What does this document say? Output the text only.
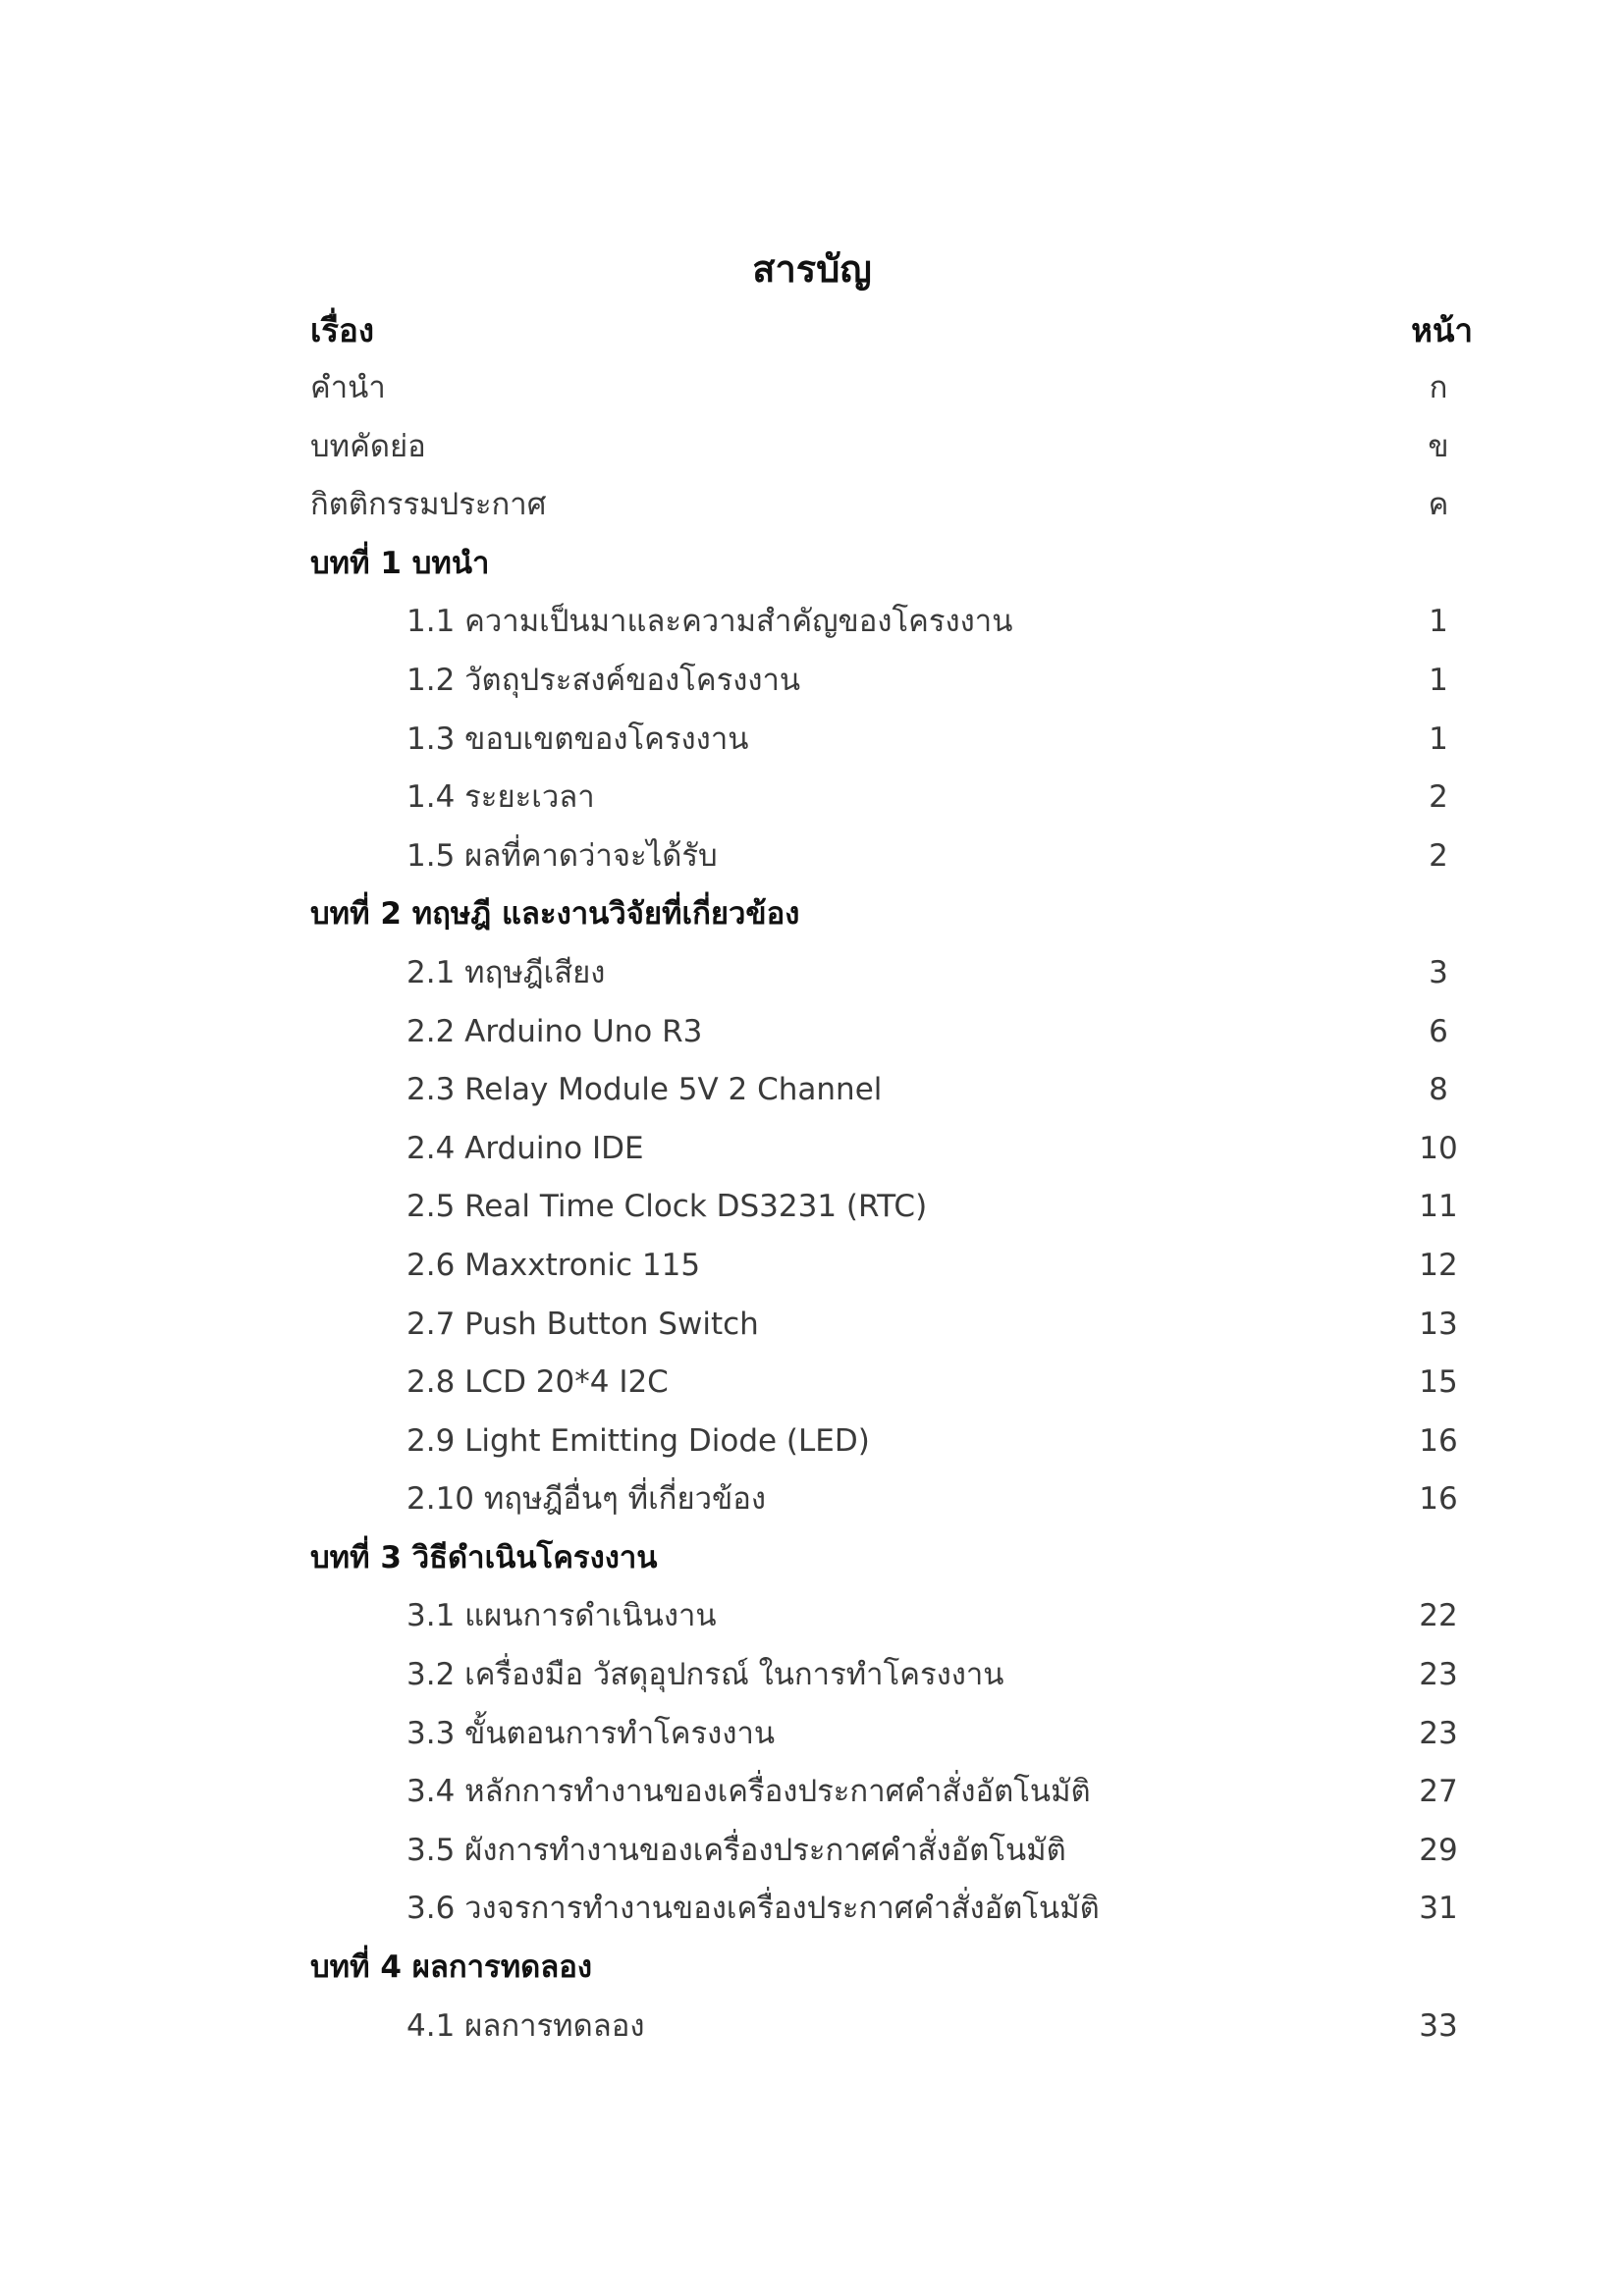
สารบัญ
เรื่อง	หน้า
คำนำ	ก
บทคัดย่อ	ข
กิตติกรรมประกาศ	ค
บทที่ 1 บทนำ
1.1 ความเป็นมาและความสำคัญของโครงงาน	1
1.2 วัตถุประสงค์ของโครงงาน	1
1.3 ขอบเขตของโครงงาน	1
1.4 ระยะเวลา	2
1.5 ผลที่คาดว่าจะได้รับ	2
บทที่ 2 ทฤษฎี และงานวิจัยที่เกี่ยวข้อง
2.1 ทฤษฎีเสียง	3
2.2 Arduino Uno R3	6
2.3 Relay Module 5V 2 Channel	8
2.4 Arduino IDE	10
2.5 Real Time Clock DS3231 (RTC)	11
2.6 Maxxtronic 115	12
2.7 Push Button Switch	13
2.8 LCD 20*4 I2C	15
2.9 Light Emitting Diode (LED)	16
2.10 ทฤษฎีอื่นๆ ที่เกี่ยวข้อง	16
บทที่ 3 วิธีดำเนินโครงงาน
3.1 แผนการดำเนินงาน	22
3.2 เครื่องมือ วัสดุอุปกรณ์ ในการทำโครงงาน	23
3.3 ขั้นตอนการทำโครงงาน	23
3.4 หลักการทำงานของเครื่องประกาศคำสั่งอัตโนมัติ	27
3.5 ผังการทำงานของเครื่องประกาศคำสั่งอัตโนมัติ	29
3.6 วงจรการทำงานของเครื่องประกาศคำสั่งอัตโนมัติ	31
บทที่ 4 ผลการทดลอง
4.1 ผลการทดลอง	33
